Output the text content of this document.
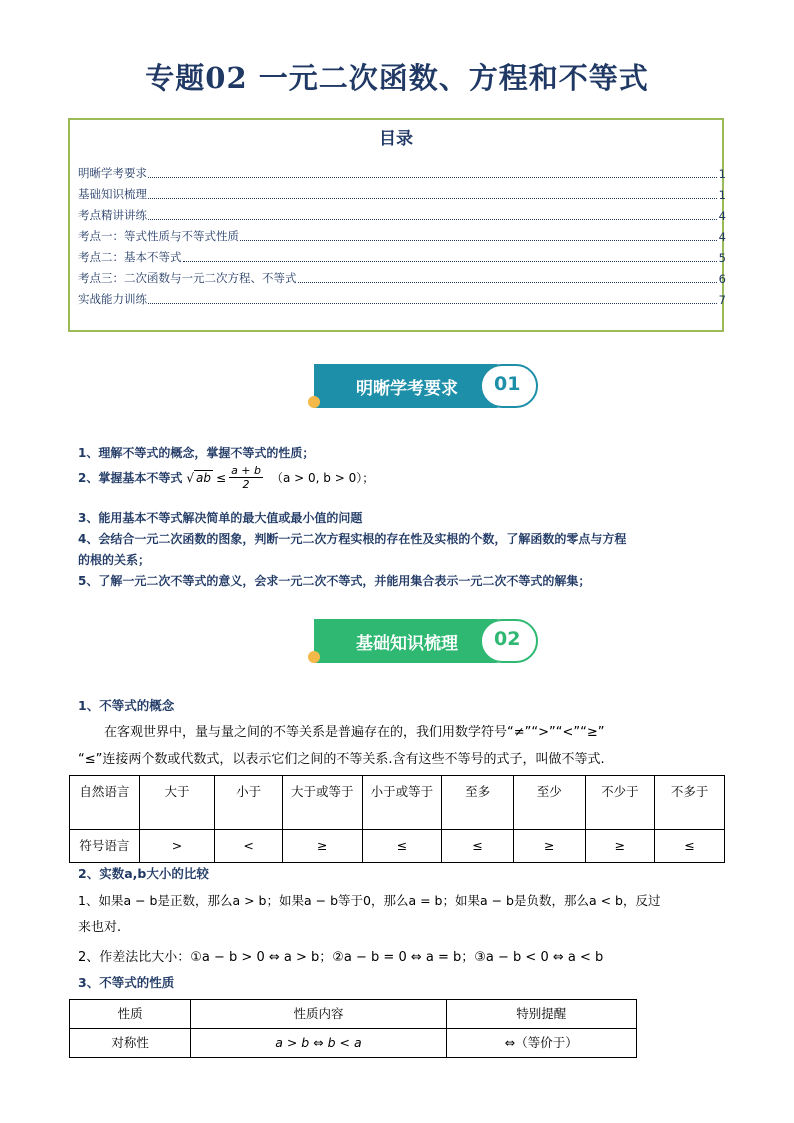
专题02 一元二次函数、方程和不等式
目录
明晰学考要求	1
基础知识梳理	1
考点精讲讲练	4
考点一：等式性质与不等式性质	4
考点二：基本不等式	5
考点三：二次函数与一元二次方程、不等式	6
实战能力训练	7
明晰学考要求	01
1、理解不等式的概念，掌握不等式的性质；
2、掌握基本不等式 √ ab ≤ $\frac{a + b}{2} (a > 0$, b > 0）；
3、能用基本不等式解决简单的最大值或最小值的问题
4、会结合一元二次函数的图象，判断一元二次方程实根的存在性及实根的个数，了解函数的零点与方程
的根的关系；
5、了解一元二次不等式的意义，会求一元二次不等式，并能用集合表示一元二次不等式的解集；
基础知识梳理	02
1、不等式的概念
在客观世界中，量与量之间的不等关系是普遍存在的，我们用数学符号“≠”“>”“<”“≥”
“≤”连接两个数或代数式，以表示它们之间的不等关系.含有这些不等号的式子，叫做不等式.
自然语言	大于	小于	大于或等于	小于或等于	至多	至少	不少于	不多于
符号语言	>	<	≥	≤	≤	≥	≥	≤
2、实数a,b大小的比较
1、如果a − b是正数，那么a > b；如果a − b等于0，那么a = b；如果a − b是负数，那么a < b，反过
来也对.
2、作差法比大小：①a − b > 0 ⇔ a > b；②a − b = 0 ⇔ a = b；③a − b < 0 ⇔ a < b
3、不等式的性质
性质	性质内容	特别提醒
对称性	a > b ⇔ b < a	⇔（等价于）
